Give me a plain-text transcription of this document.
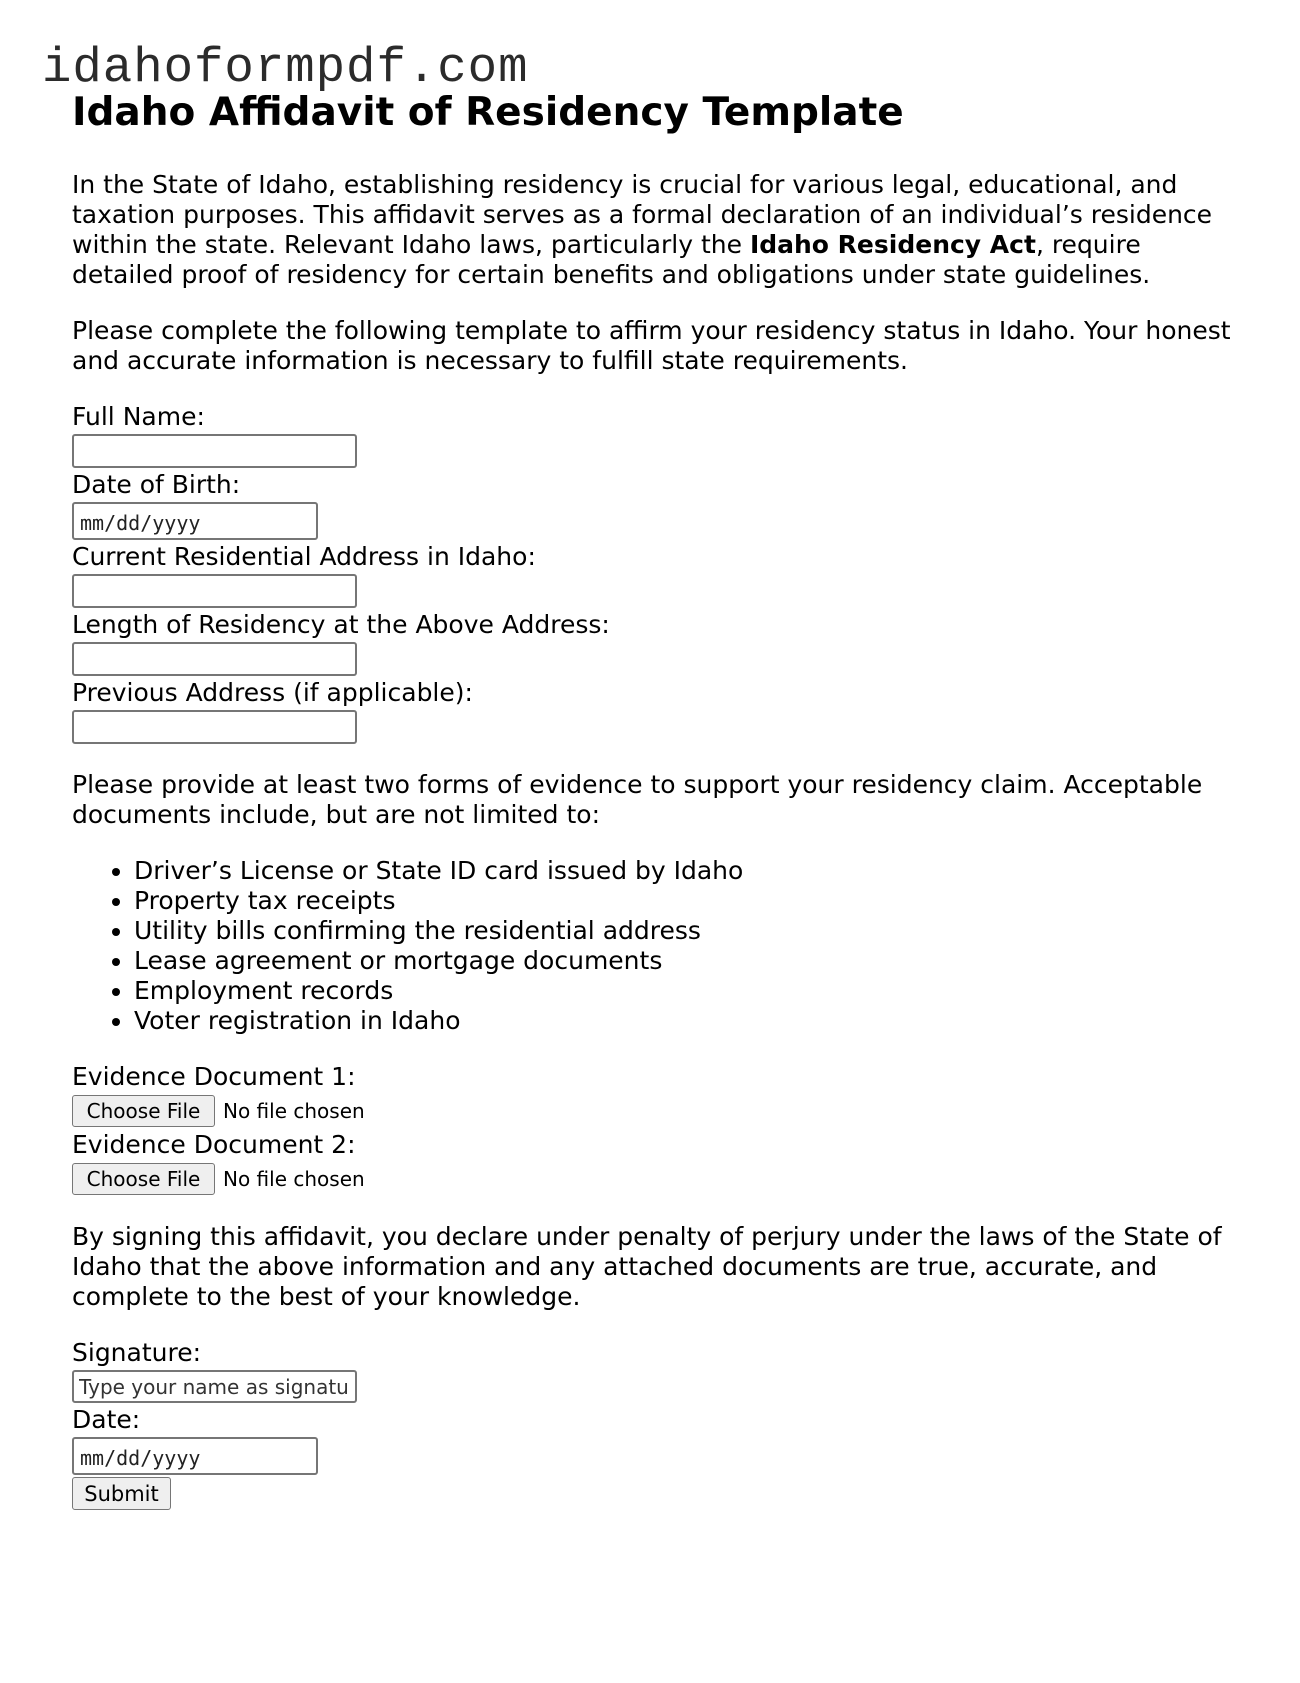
idahoformpdf.com
Idaho Affidavit of Residency Template

In the State of Idaho, establishing residency is crucial for various legal, educational, and taxation purposes. This affidavit serves as a formal declaration of an individual’s residence within the state. Relevant Idaho laws, particularly the Idaho Residency Act, require detailed proof of residency for certain benefits and obligations under state guidelines.

Please complete the following template to affirm your residency status in Idaho. Your honest and accurate information is necessary to fulfill state requirements.

Full Name:
Date of Birth:
mm/dd/yyyy
Current Residential Address in Idaho:
Length of Residency at the Above Address:
Previous Address (if applicable):

Please provide at least two forms of evidence to support your residency claim. Acceptable documents include, but are not limited to:

• Driver’s License or State ID card issued by Idaho
• Property tax receipts
• Utility bills confirming the residential address
• Lease agreement or mortgage documents
• Employment records
• Voter registration in Idaho
Evidence Document 1:
Choose File	No file chosen
Evidence Document 2:
Choose File	No file chosen

By signing this affidavit, you declare under penalty of perjury under the laws of the State of Idaho that the above information and any attached documents are true, accurate, and complete to the best of your knowledge.

Signature:
Type your name as signature
Date:
mm/dd/yyyy
Submit
